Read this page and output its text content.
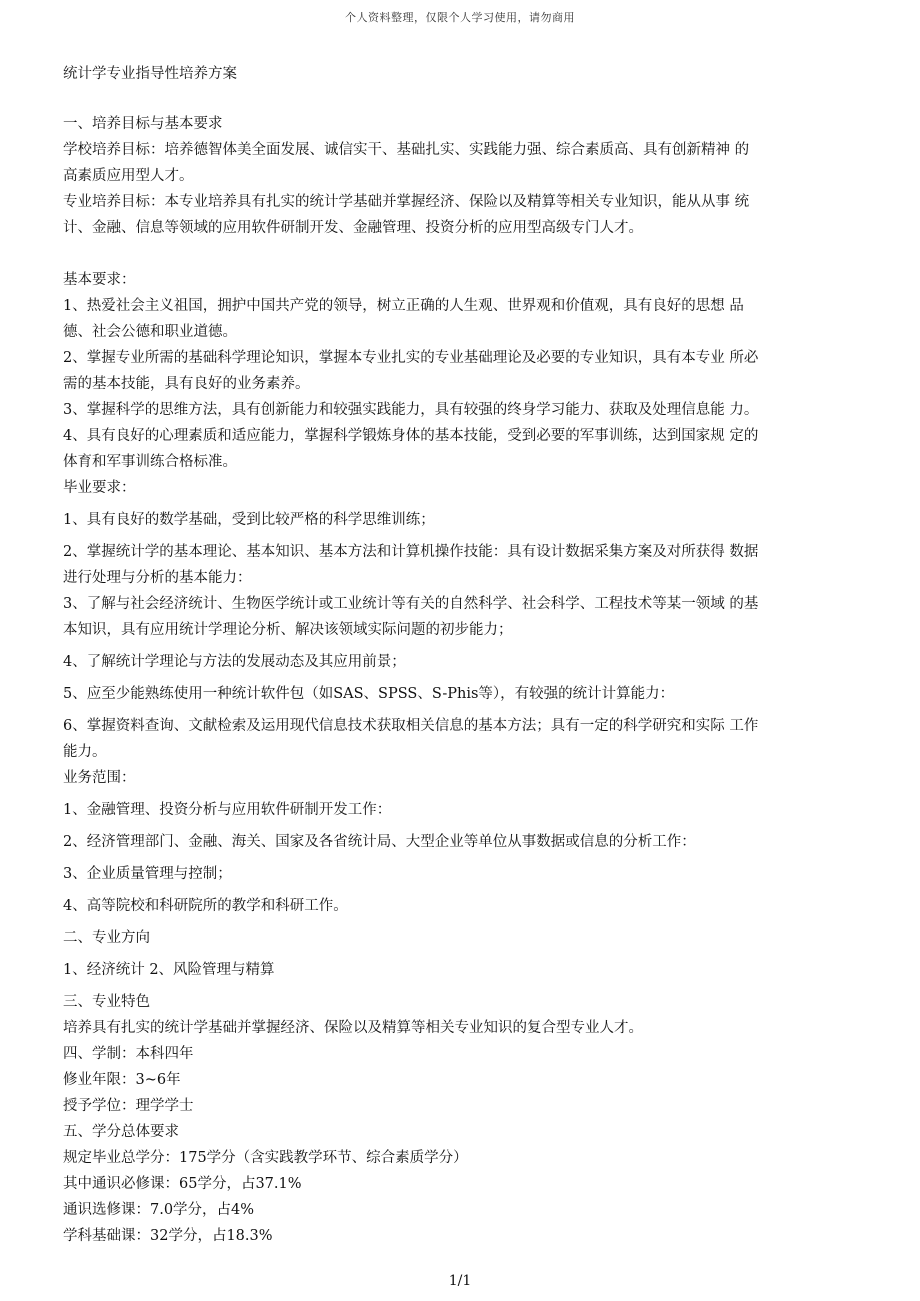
个人资料整理，仅限个人学习使用，请勿商用
统计学专业指导性培养方案
一、培养目标与基本要求
学校培养目标：培养德智体美全面发展、诚信实干、基础扎实、实践能力强、综合素质高、具有创新精神 的
高素质应用型人才。
专业培养目标：本专业培养具有扎实的统计学基础并掌握经济、保险以及精算等相关专业知识，能从从事 统
计、金融、信息等领域的应用软件研制开发、金融管理、投资分析的应用型高级专门人才。
基本要求：
1、热爱社会主义祖国，拥护中国共产党的领导，树立正确的人生观、世界观和价值观，具有良好的思想 品
德、社会公德和职业道德。
2、掌握专业所需的基础科学理论知识，掌握本专业扎实的专业基础理论及必要的专业知识，具有本专业 所必
需的基本技能，具有良好的业务素养。
3、掌握科学的思维方法，具有创新能力和较强实践能力，具有较强的终身学习能力、获取及处理信息能 力。
4、具有良好的心理素质和适应能力，掌握科学锻炼身体的基本技能，受到必要的军事训练，达到国家规 定的
体育和军事训练合格标准。
毕业要求：
1、具有良好的数学基础，受到比较严格的科学思维训练；
2、掌握统计学的基本理论、基本知识、基本方法和计算机操作技能：具有设计数据采集方案及对所获得 数据
进行处理与分析的基本能力：
3、了解与社会经济统计、生物医学统计或工业统计等有关的自然科学、社会科学、工程技术等某一领域 的基
本知识，具有应用统计学理论分析、解决该领域实际问题的初步能力；
4、了解统计学理论与方法的发展动态及其应用前景；
5、应至少能熟练使用一种统计软件包（如SAS、SPSS、S-Phis等），有较强的统计计算能力：
6、掌握资料查询、文献检索及运用现代信息技术获取相关信息的基本方法；具有一定的科学研究和实际 工作
能力。
业务范围：
1、金融管理、投资分析与应用软件研制开发工作：
2、经济管理部门、金融、海关、国家及各省统计局、大型企业等单位从事数据或信息的分析工作：
3、企业质量管理与控制；
4、高等院校和科研院所的教学和科研工作。
二、专业方向
1、经济统计 2、风险管理与精算
三、专业特色
培养具有扎实的统计学基础并掌握经济、保险以及精算等相关专业知识的复合型专业人才。
四、学制：本科四年
修业年限：3~6年
授予学位：理学学士
五、学分总体要求
规定毕业总学分：175学分（含实践教学环节、综合素质学分）
其中通识必修课：65学分，占37.1%
通识选修课：7.0学分，占4%
学科基础课：32学分，占18.3%
1/1
